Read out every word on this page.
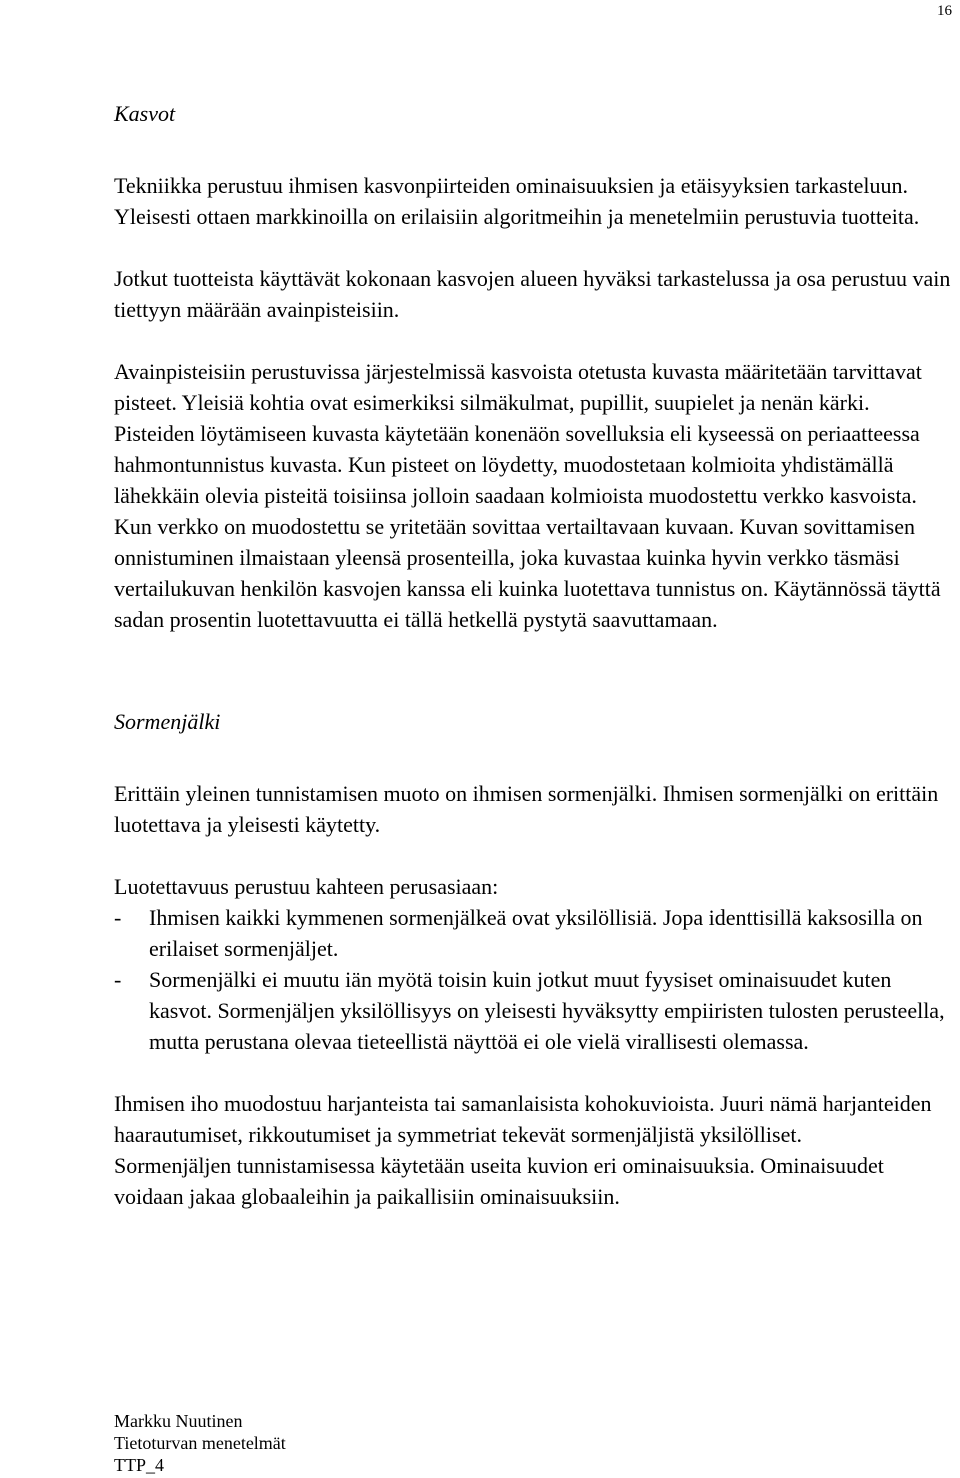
16

Kasvot

Tekniikka perustuu ihmisen kasvonpiirteiden ominaisuuksien ja etäisyyksien tarkasteluun. Yleisesti ottaen markkinoilla on erilaisiin algoritmeihin ja menetelmiin perustuvia tuotteita.

Jotkut tuotteista käyttävät kokonaan kasvojen alueen hyväksi tarkastelussa ja osa perustuu vain tiettyyn määrään avainpisteisiin.

Avainpisteisiin perustuvissa järjestelmissä kasvoista otetusta kuvasta määritetään tarvittavat pisteet. Yleisiä kohtia ovat esimerkiksi silmäkulmat, pupillit, suupielet ja nenän kärki. Pisteiden löytämiseen kuvasta käytetään konenäön sovelluksia eli kyseessä on periaatteessa hahmontunnistus kuvasta. Kun pisteet on löydetty, muodostetaan kolmioita yhdistämällä lähekkäin olevia pisteitä toisiinsa jolloin saadaan kolmioista muodostettu verkko kasvoista. Kun verkko on muodostettu se yritetään sovittaa vertailtavaan kuvaan. Kuvan sovittamisen onnistuminen ilmaistaan yleensä prosenteilla, joka kuvastaa kuinka hyvin verkko täsmäsi vertailukuvan henkilön kasvojen kanssa eli kuinka luotettava tunnistus on. Käytännössä täyttä sadan prosentin luotettavuutta ei tällä hetkellä pystytä saavuttamaan.

Sormenjälki

Erittäin yleinen tunnistamisen muoto on ihmisen sormenjälki. Ihmisen sormenjälki on erittäin luotettava ja yleisesti käytetty.

Luotettavuus perustuu kahteen perusasiaan:

- Ihmisen kaikki kymmenen sormenjälkeä ovat yksilöllisiä. Jopa identtisillä kaksosilla on erilaiset sormenjäljet.
- Sormenjälki ei muutu iän myötä toisin kuin jotkut muut fyysiset ominaisuudet kuten kasvot. Sormenjäljen yksilöllisyys on yleisesti hyväksytty empiiristen tulosten perusteella, mutta perustana olevaa tieteellistä näyttöä ei ole vielä virallisesti olemassa.

Ihmisen iho muodostuu harjanteista tai samanlaisista kohokuvioista. Juuri nämä harjanteiden haarautumiset, rikkoutumiset ja symmetriat tekevät sormenjäljistä yksilölliset.

Sormenjäljen tunnistamisessa käytetään useita kuvion eri ominaisuuksia. Ominaisuudet voidaan jakaa globaaleihin ja paikallisiin ominaisuuksiin.

Markku Nuutinen
Tietoturvan menetelmät
TTP_4
